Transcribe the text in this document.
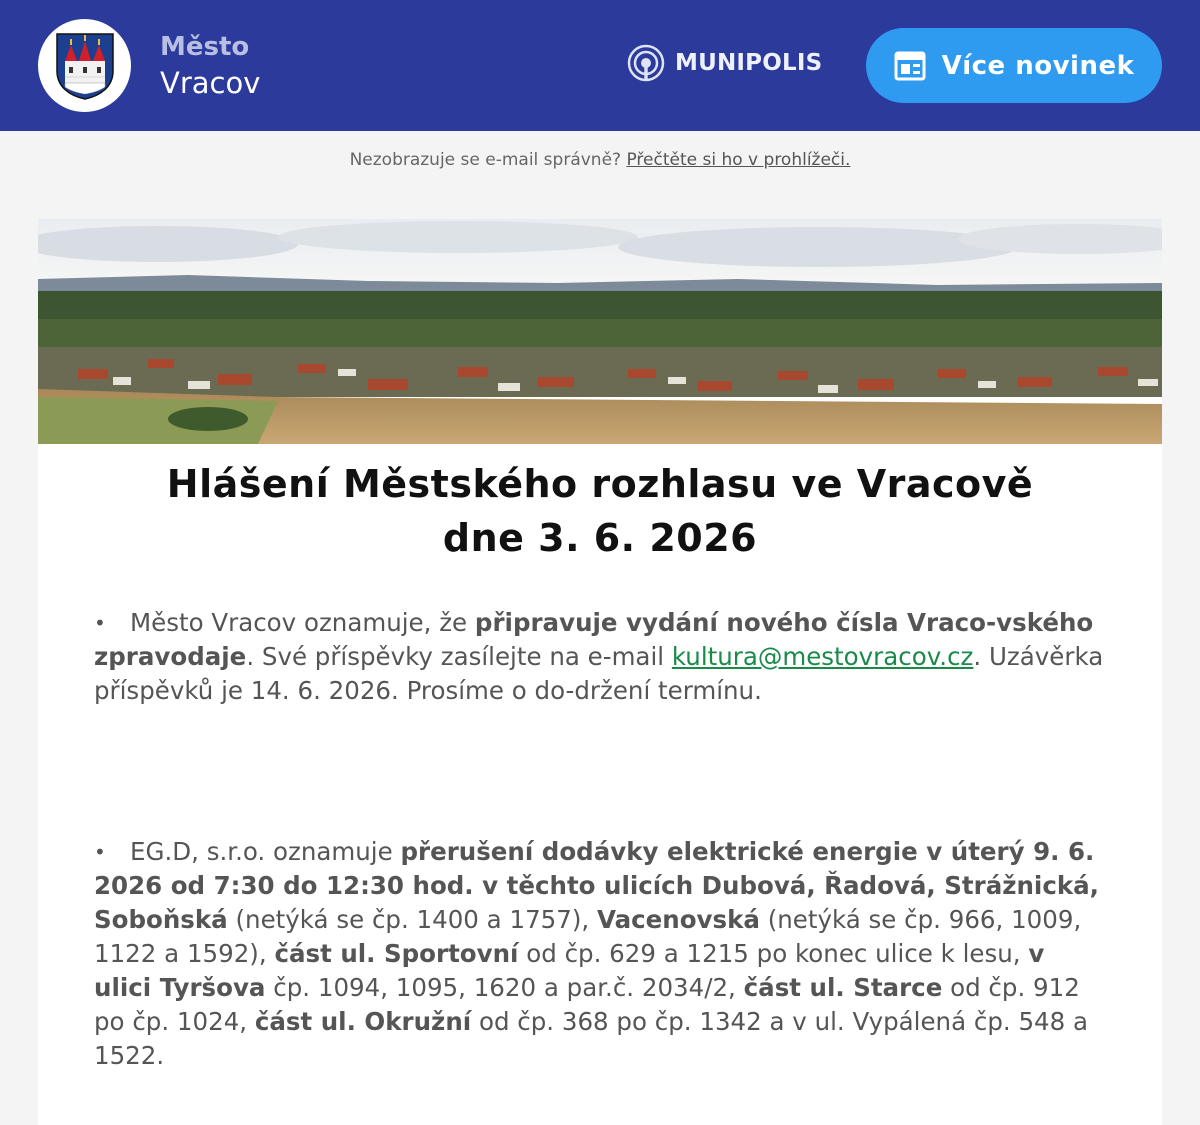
Město
Vracov
MUNIPOLIS	Více novinek
Nezobrazuje se e-mail správně? Přečtěte si ho v prohlížeči.
Hlášení Městského rozhlasu ve Vracově
dne 3. 6. 2026
• Město Vracov oznamuje, že připravuje vydání nového čísla Vraco-vského zpravodaje. Své příspěvky zasílejte na e-mail kultura@mestovracov.cz. Uzávěrka příspěvků je 14. 6. 2026. Prosíme o do-držení termínu.
• EG.D, s.r.o. oznamuje přerušení dodávky elektrické energie v úterý 9. 6. 2026 od 7:30 do 12:30 hod. v těchto ulicích Dubová, Řadová, Strážnická, Soboňská (netýká se čp. 1400 a 1757), Vacenovská (netýká se čp. 966, 1009, 1122 a 1592), část ul. Sportovní od čp. 629 a 1215 po konec ulice k lesu, v ulici Tyršova čp. 1094, 1095, 1620 a par.č. 2034/2, část ul. Starce od čp. 912 po čp. 1024, část ul. Okružní od čp. 368 po čp. 1342 a v ul. Vypálená čp. 548 a 1522.
